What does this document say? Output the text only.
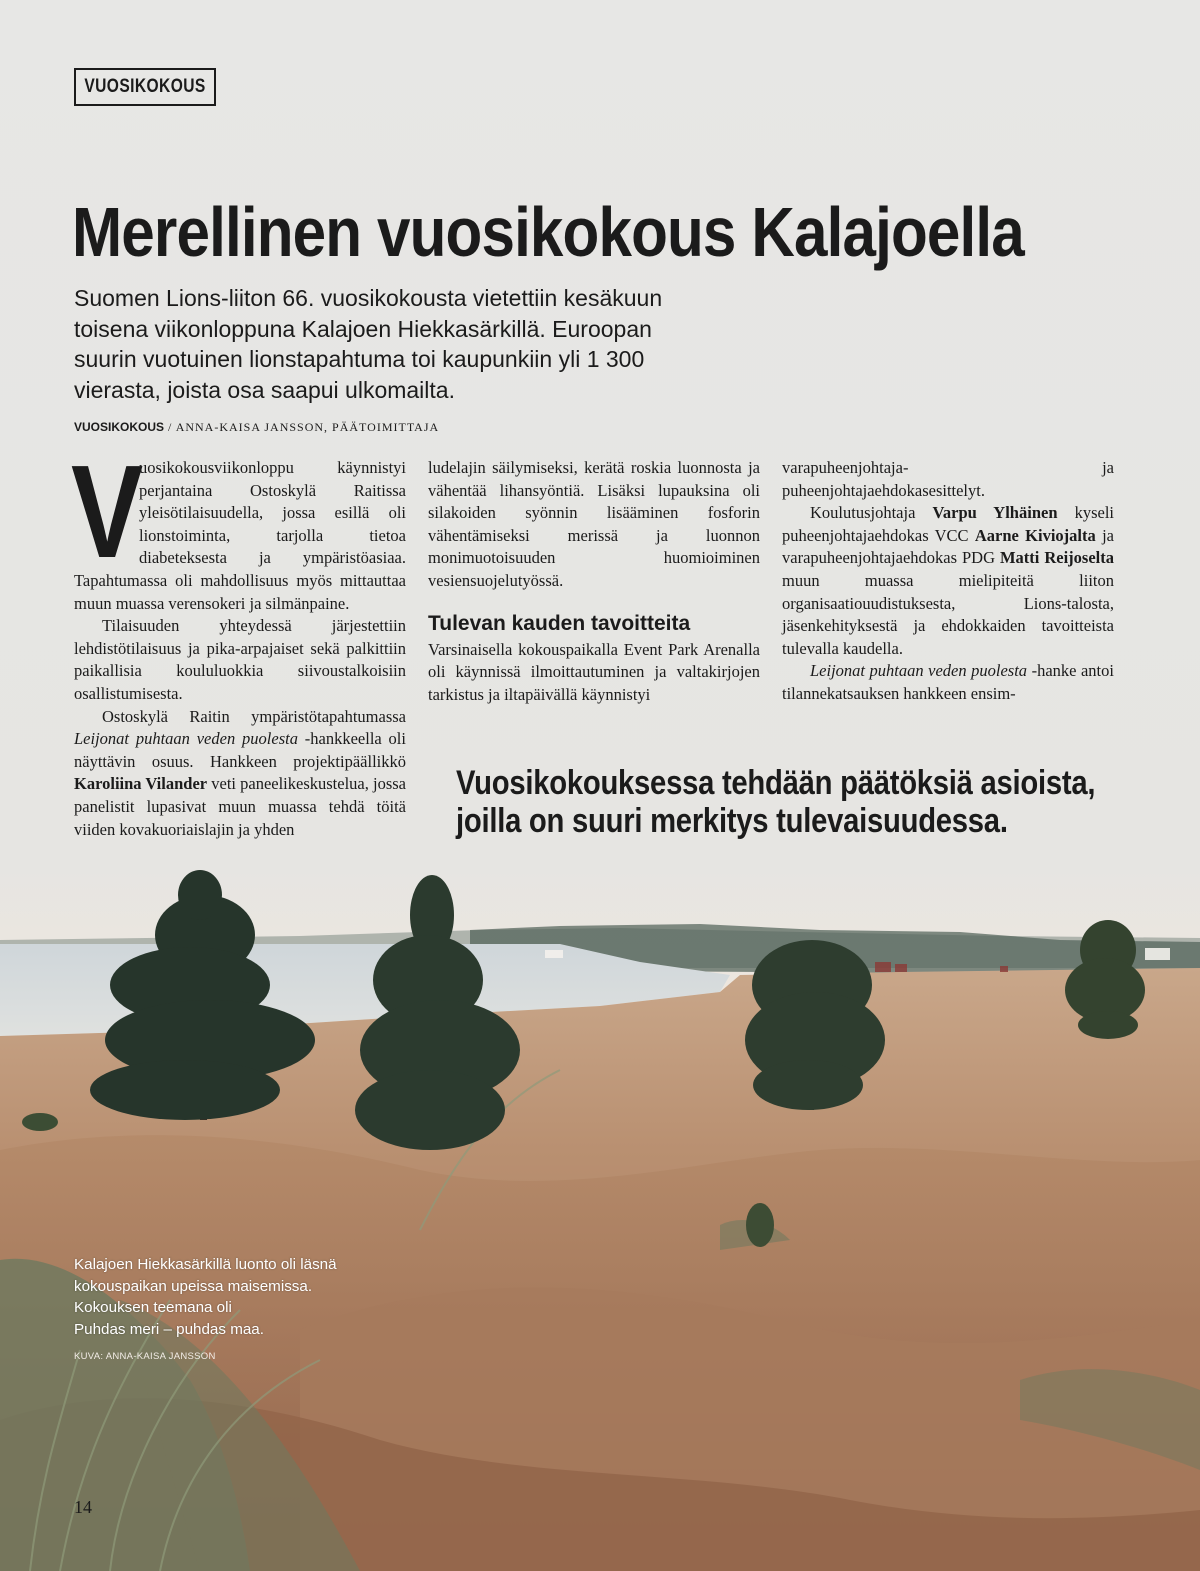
VUOSIKOKOUS
Merellinen vuosikokous Kalajoella

Suomen Lions-liiton 66. vuosikokousta vietettiin kesäkuun toisena viikonloppuna Kalajoen Hiekkasärkillä. Euroopan suurin vuotuinen lionstapahtuma toi kaupunkiin yli 1 300 vierasta, joista osa saapui ulkomailta.

VUOSIKOKOUS / ANNA-KAISA JANSSON, PÄÄTOIMITTAJA

V
uosikokousviikonloppu käynnistyi perjantaina Ostoskylä Raitissa yleisötilaisuudella, jossa esillä oli lionstoiminta, tarjolla tietoa diabeteksesta ja ympäristöasiaa. Tapahtumassa oli mahdollisuus myös mittauttaa muun muassa verensokeri ja silmänpaine.

Tilaisuuden yhteydessä järjestettiin lehdistötilaisuus ja pika-arpajaiset sekä palkittiin paikallisia koululuokkia siivoustalkoisiin osallistumisesta.

Ostoskylä Raitin ympäristötapahtumassa Leijonat puhtaan veden puolesta -hankkeella oli näyttävin osuus. Hankkeen projektipäällikkö Karoliina Vilander veti paneelikeskustelua, jossa panelistit lupasivat muun muassa tehdä töitä viiden kovakuoriaislajin ja yhden

ludelajin säilymiseksi, kerätä roskia luonnosta ja vähentää lihansyöntiä. Lisäksi lupauksina oli silakoiden syönnin lisääminen fosforin vähentämiseksi merissä ja luonnon monimuotoisuuden huomioiminen vesiensuojelutyössä.

Tulevan kauden tavoitteita

Varsinaisella kokouspaikalla Event Park Arenalla oli käynnissä ilmoittautuminen ja valtakirjojen tarkistus ja iltapäivällä käynnistyi

varapuheenjohtaja- ja puheenjohtajaehdokasesittelyt.

Koulutusjohtaja Varpu Ylhäinen kyseli puheenjohtajaehdokas VCC Aarne Kiviojalta ja varapuheenjohtajaehdokas PDG Matti Reijoselta muun muassa mielipiteitä liiton organisaatiouudistuksesta, Lions-talosta, jäsenkehityksestä ja ehdokkaiden tavoitteista tulevalla kaudella.

Leijonat puhtaan veden puolesta -hanke antoi tilannekatsauksen hankkeen ensim-

Vuosikokouksessa tehdään päätöksiä asioista,
joilla on suuri merkitys tulevaisuudessa.
Kalajoen Hiekkasärkillä luonto oli läsnä
kokouspaikan upeissa maisemissa.
Kokouksen teemana oli
Puhdas meri – puhdas maa.
KUVA: ANNA-KAISA JANSSON
14
